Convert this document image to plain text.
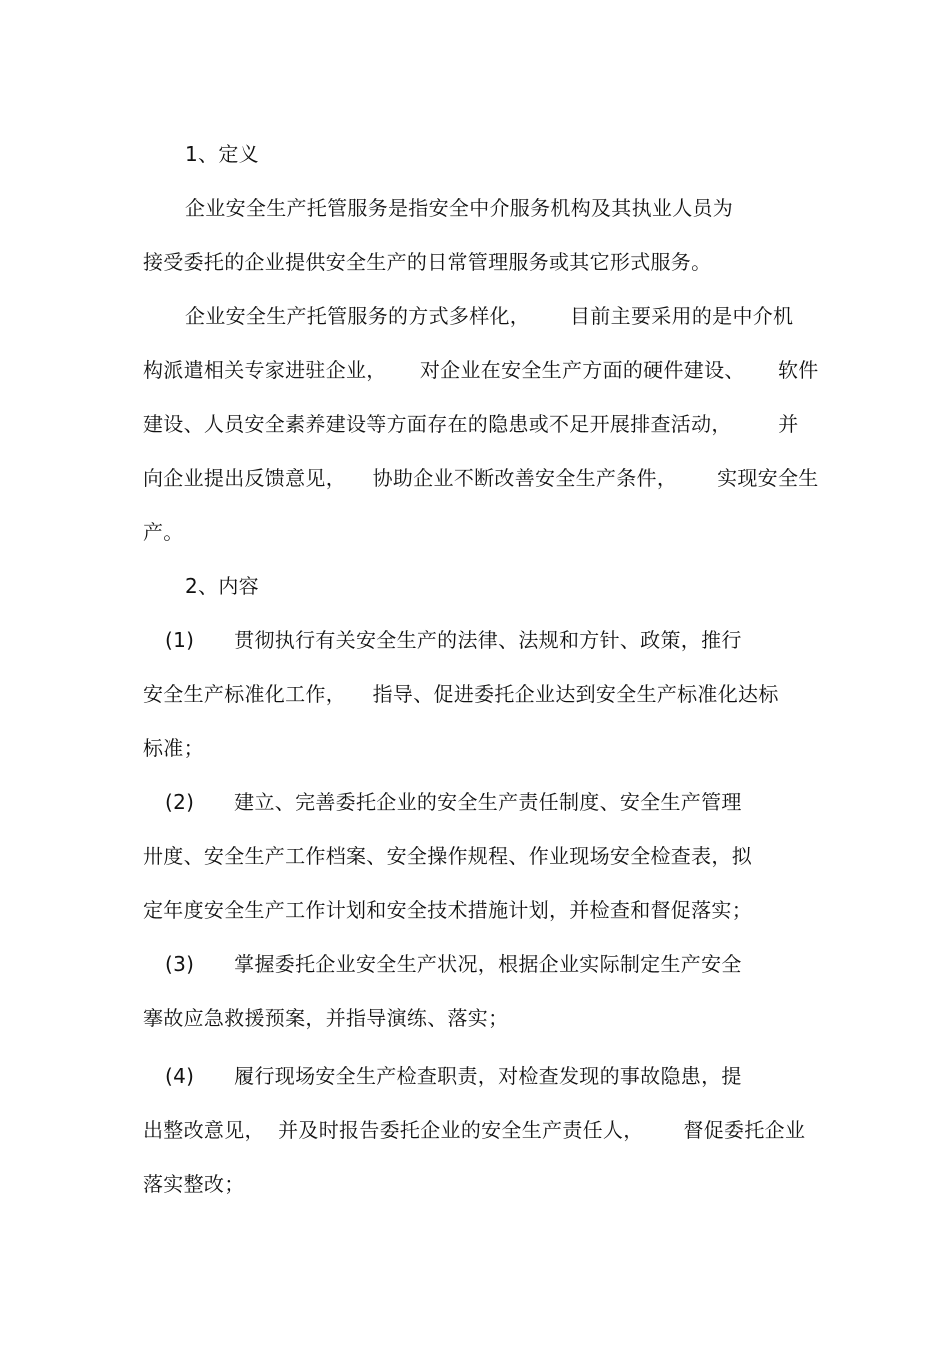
1、定义
企业安全生产托管服务是指安全中介服务机构及其执业人员为
接受委托的企业提供安全生产的日常管理服务或其它形式服务。
企业安全生产托管服务的方式多样化，      目前主要采用的是中介机
构派遣相关专家进驻企业，     对企业在安全生产方面的硬件建设、     软件
建设、人员安全素养建设等方面存在的隐患或不足开展排查活动，       并
向企业提出反馈意见，    协助企业不断改善安全生产条件，      实现安全生
产。
2、内容
(1)      贯彻执行有关安全生产的法律、法规和方针、政策，推行
安全生产标准化工作，    指导、促进委托企业达到安全生产标准化达标
标准；
(2)      建立、完善委托企业的安全生产责任制度、安全生产管理
卅度、安全生产工作档案、安全操作规程、作业现场安全检查表，拟
定年度安全生产工作计划和安全技术措施计划，并检查和督促落实；
(3)      掌握委托企业安全生产状况，根据企业实际制定生产安全
搴故应急救援预案，并指导演练、落实；
(4)      履行现场安全生产检查职责，对检查发现的事故隐患，提
出整改意见，  并及时报告委托企业的安全生产责任人，      督促委托企业
落实整改；
